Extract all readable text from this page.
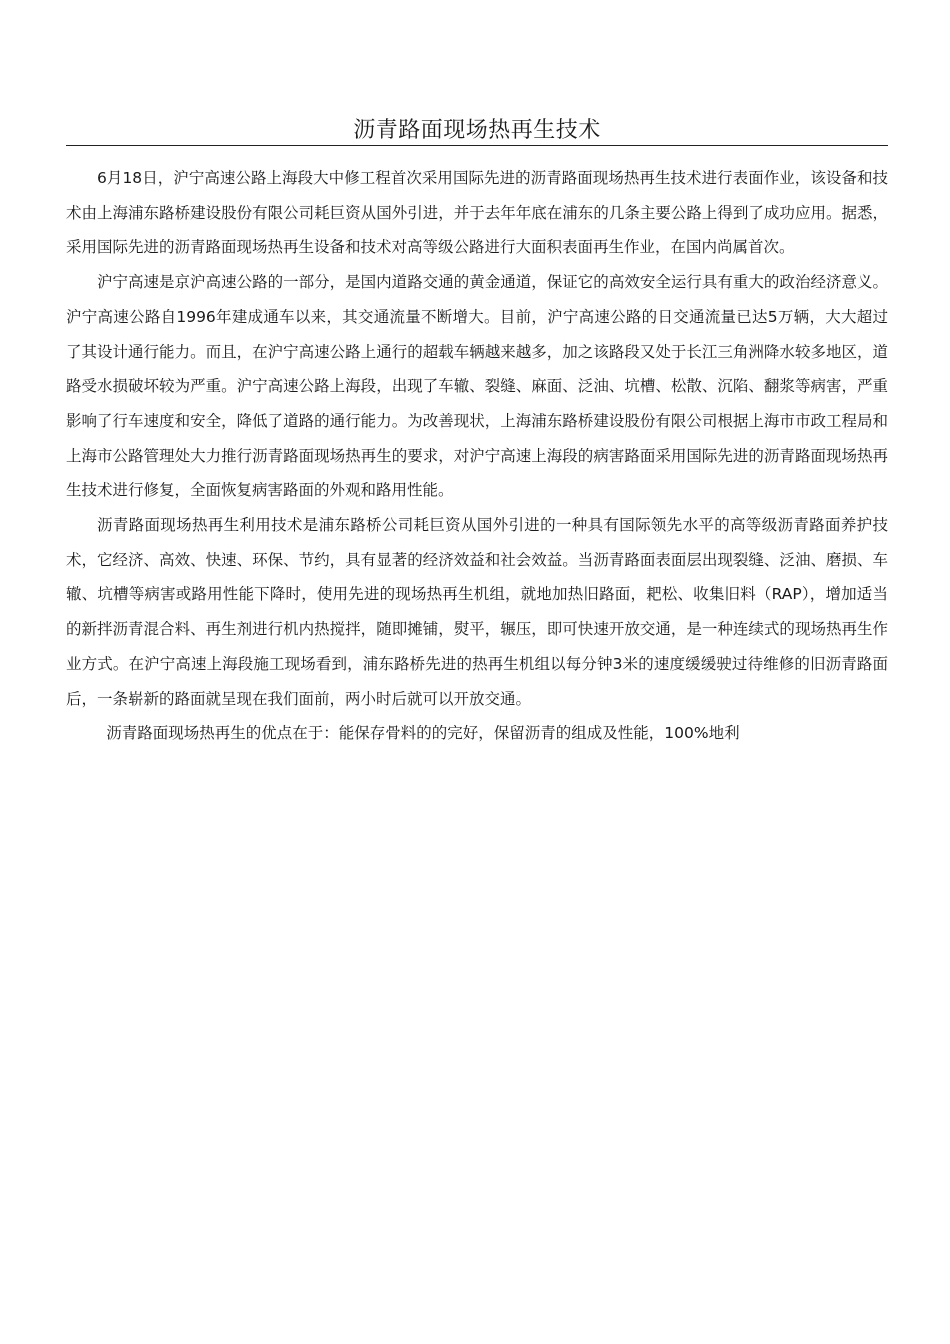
沥青路面现场热再生技术

6月18日，沪宁高速公路上海段大中修工程首次采用国际先进的沥青路面现场热再生技术进行表面作业，该设备和技术由上海浦东路桥建设股份有限公司耗巨资从国外引进，并于去年年底在浦东的几条主要公路上得到了成功应用。据悉，采用国际先进的沥青路面现场热再生设备和技术对高等级公路进行大面积表面再生作业，在国内尚属首次。

沪宁高速是京沪高速公路的一部分，是国内道路交通的黄金通道，保证它的高效安全运行具有重大的政治经济意义。沪宁高速公路自1996年建成通车以来，其交通流量不断增大。目前，沪宁高速公路的日交通流量已达5万辆，大大超过了其设计通行能力。而且，在沪宁高速公路上通行的超载车辆越来越多，加之该路段又处于长江三角洲降水较多地区，道路受水损破坏较为严重。沪宁高速公路上海段，出现了车辙、裂缝、麻面、泛油、坑槽、松散、沉陷、翻浆等病害，严重影响了行车速度和安全，降低了道路的通行能力。为改善现状，上海浦东路桥建设股份有限公司根据上海市市政工程局和上海市公路管理处大力推行沥青路面现场热再生的要求，对沪宁高速上海段的病害路面采用国际先进的沥青路面现场热再生技术进行修复，全面恢复病害路面的外观和路用性能。

沥青路面现场热再生利用技术是浦东路桥公司耗巨资从国外引进的一种具有国际领先水平的高等级沥青路面养护技术，它经济、高效、快速、环保、节约，具有显著的经济效益和社会效益。当沥青路面表面层出现裂缝、泛油、磨损、车辙、坑槽等病害或路用性能下降时，使用先进的现场热再生机组，就地加热旧路面，耙松、收集旧料（RAP），增加适当的新拌沥青混合料、再生剂进行机内热搅拌，随即摊铺，熨平，辗压，即可快速开放交通，是一种连续式的现场热再生作业方式。在沪宁高速上海段施工现场看到，浦东路桥先进的热再生机组以每分钟3米的速度缓缓驶过待维修的旧沥青路面后，一条崭新的路面就呈现在我们面前，两小时后就可以开放交通。

沥青路面现场热再生的优点在于：能保存骨料的的完好，保留沥青的组成及性能，100%地利
